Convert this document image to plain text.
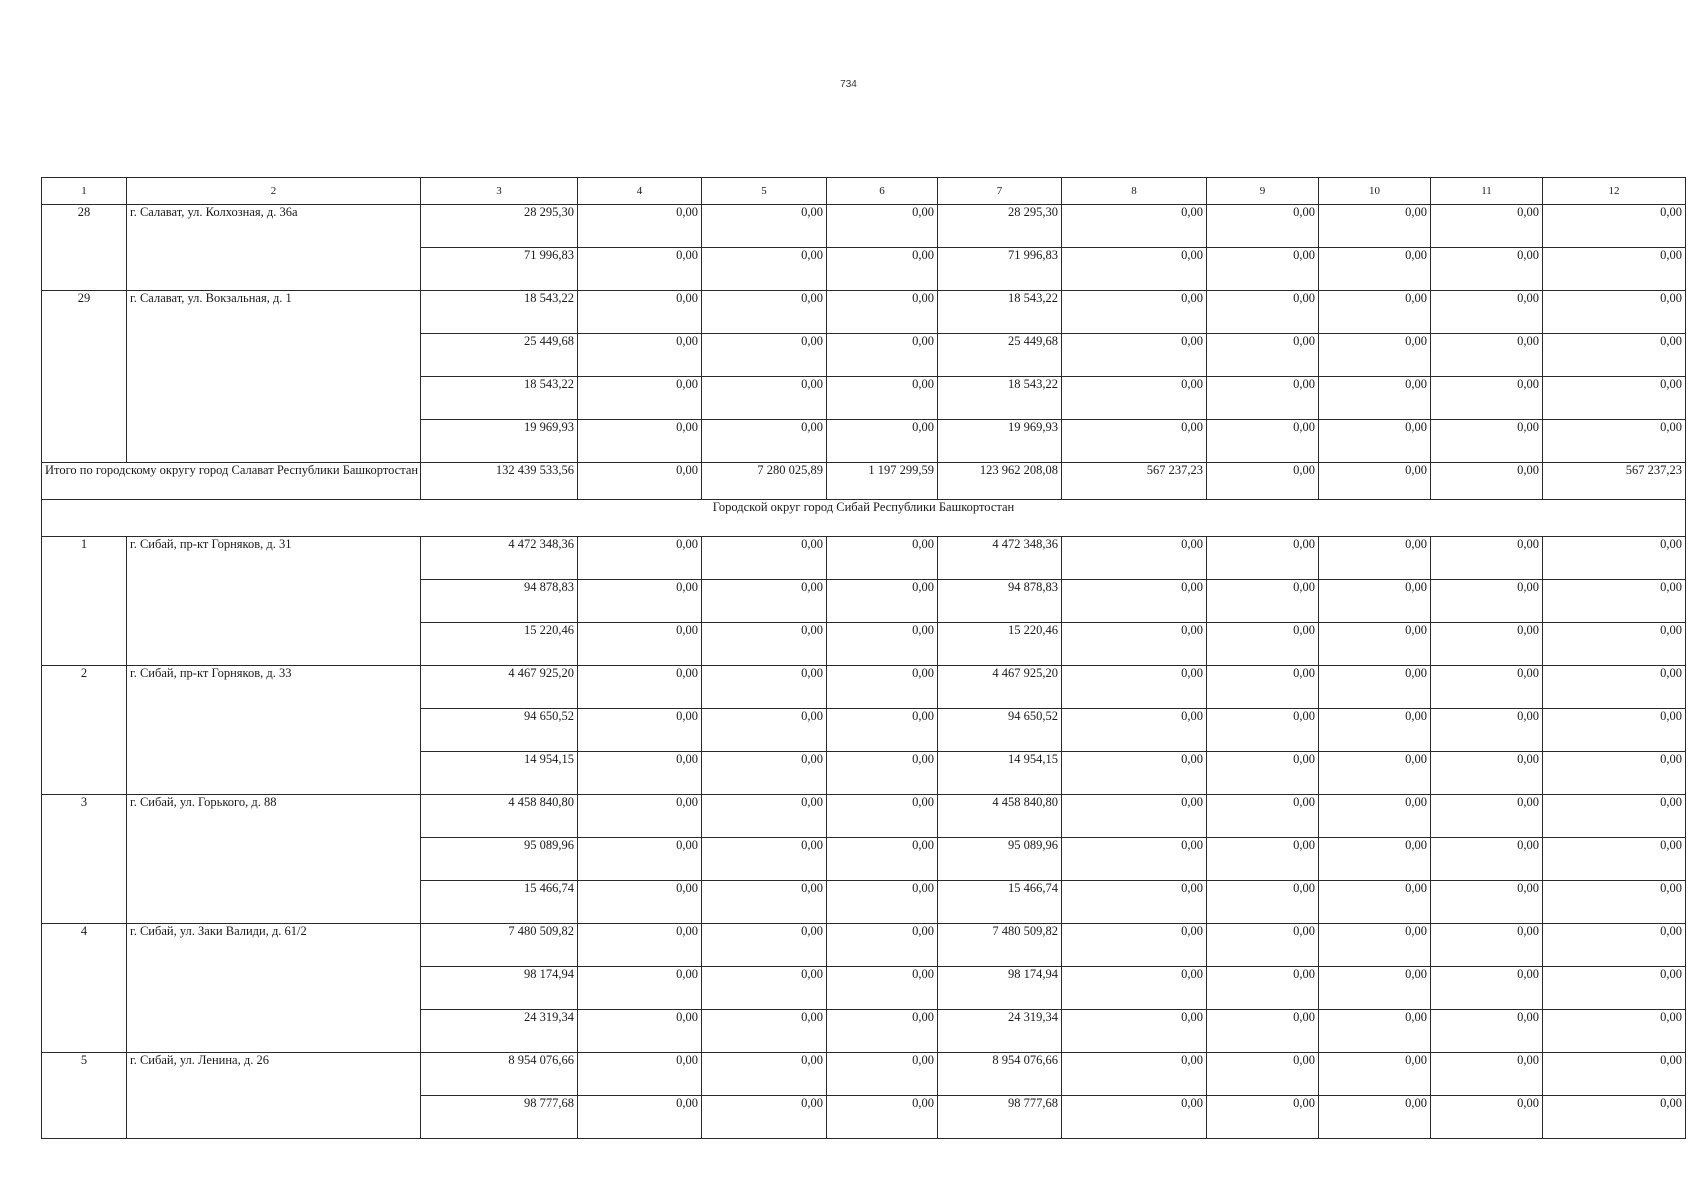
734
1	2	3	4	5	6	7	8	9	10	11	12
28	г. Салават, ул. Колхозная, д. 36а	28 295,30	0,00	0,00	0,00	28 295,30	0,00	0,00	0,00	0,00	0,00
		71 996,83	0,00	0,00	0,00	71 996,83	0,00	0,00	0,00	0,00	0,00
29	г. Салават, ул. Вокзальная, д. 1	18 543,22	0,00	0,00	0,00	18 543,22	0,00	0,00	0,00	0,00	0,00
		25 449,68	0,00	0,00	0,00	25 449,68	0,00	0,00	0,00	0,00	0,00
		18 543,22	0,00	0,00	0,00	18 543,22	0,00	0,00	0,00	0,00	0,00
		19 969,93	0,00	0,00	0,00	19 969,93	0,00	0,00	0,00	0,00	0,00
Итого по городскому округу город Салават Республики Башкортостан		132 439 533,56	0,00	7 280 025,89	1 197 299,59	123 962 208,08	567 237,23	0,00	0,00	0,00	567 237,23
Городской округ город Сибай Республики Башкортостан											
1	г. Сибай, пр-кт Горняков, д. 31	4 472 348,36	0,00	0,00	0,00	4 472 348,36	0,00	0,00	0,00	0,00	0,00
		94 878,83	0,00	0,00	0,00	94 878,83	0,00	0,00	0,00	0,00	0,00
		15 220,46	0,00	0,00	0,00	15 220,46	0,00	0,00	0,00	0,00	0,00
2	г. Сибай, пр-кт Горняков, д. 33	4 467 925,20	0,00	0,00	0,00	4 467 925,20	0,00	0,00	0,00	0,00	0,00
		94 650,52	0,00	0,00	0,00	94 650,52	0,00	0,00	0,00	0,00	0,00
		14 954,15	0,00	0,00	0,00	14 954,15	0,00	0,00	0,00	0,00	0,00
3	г. Сибай, ул. Горького, д. 88	4 458 840,80	0,00	0,00	0,00	4 458 840,80	0,00	0,00	0,00	0,00	0,00
		95 089,96	0,00	0,00	0,00	95 089,96	0,00	0,00	0,00	0,00	0,00
		15 466,74	0,00	0,00	0,00	15 466,74	0,00	0,00	0,00	0,00	0,00
4	г. Сибай, ул. Заки Валиди, д. 61/2	7 480 509,82	0,00	0,00	0,00	7 480 509,82	0,00	0,00	0,00	0,00	0,00
		98 174,94	0,00	0,00	0,00	98 174,94	0,00	0,00	0,00	0,00	0,00
		24 319,34	0,00	0,00	0,00	24 319,34	0,00	0,00	0,00	0,00	0,00
5	г. Сибай, ул. Ленина, д. 26	8 954 076,66	0,00	0,00	0,00	8 954 076,66	0,00	0,00	0,00	0,00	0,00
		98 777,68	0,00	0,00	0,00	98 777,68	0,00	0,00	0,00	0,00	0,00
